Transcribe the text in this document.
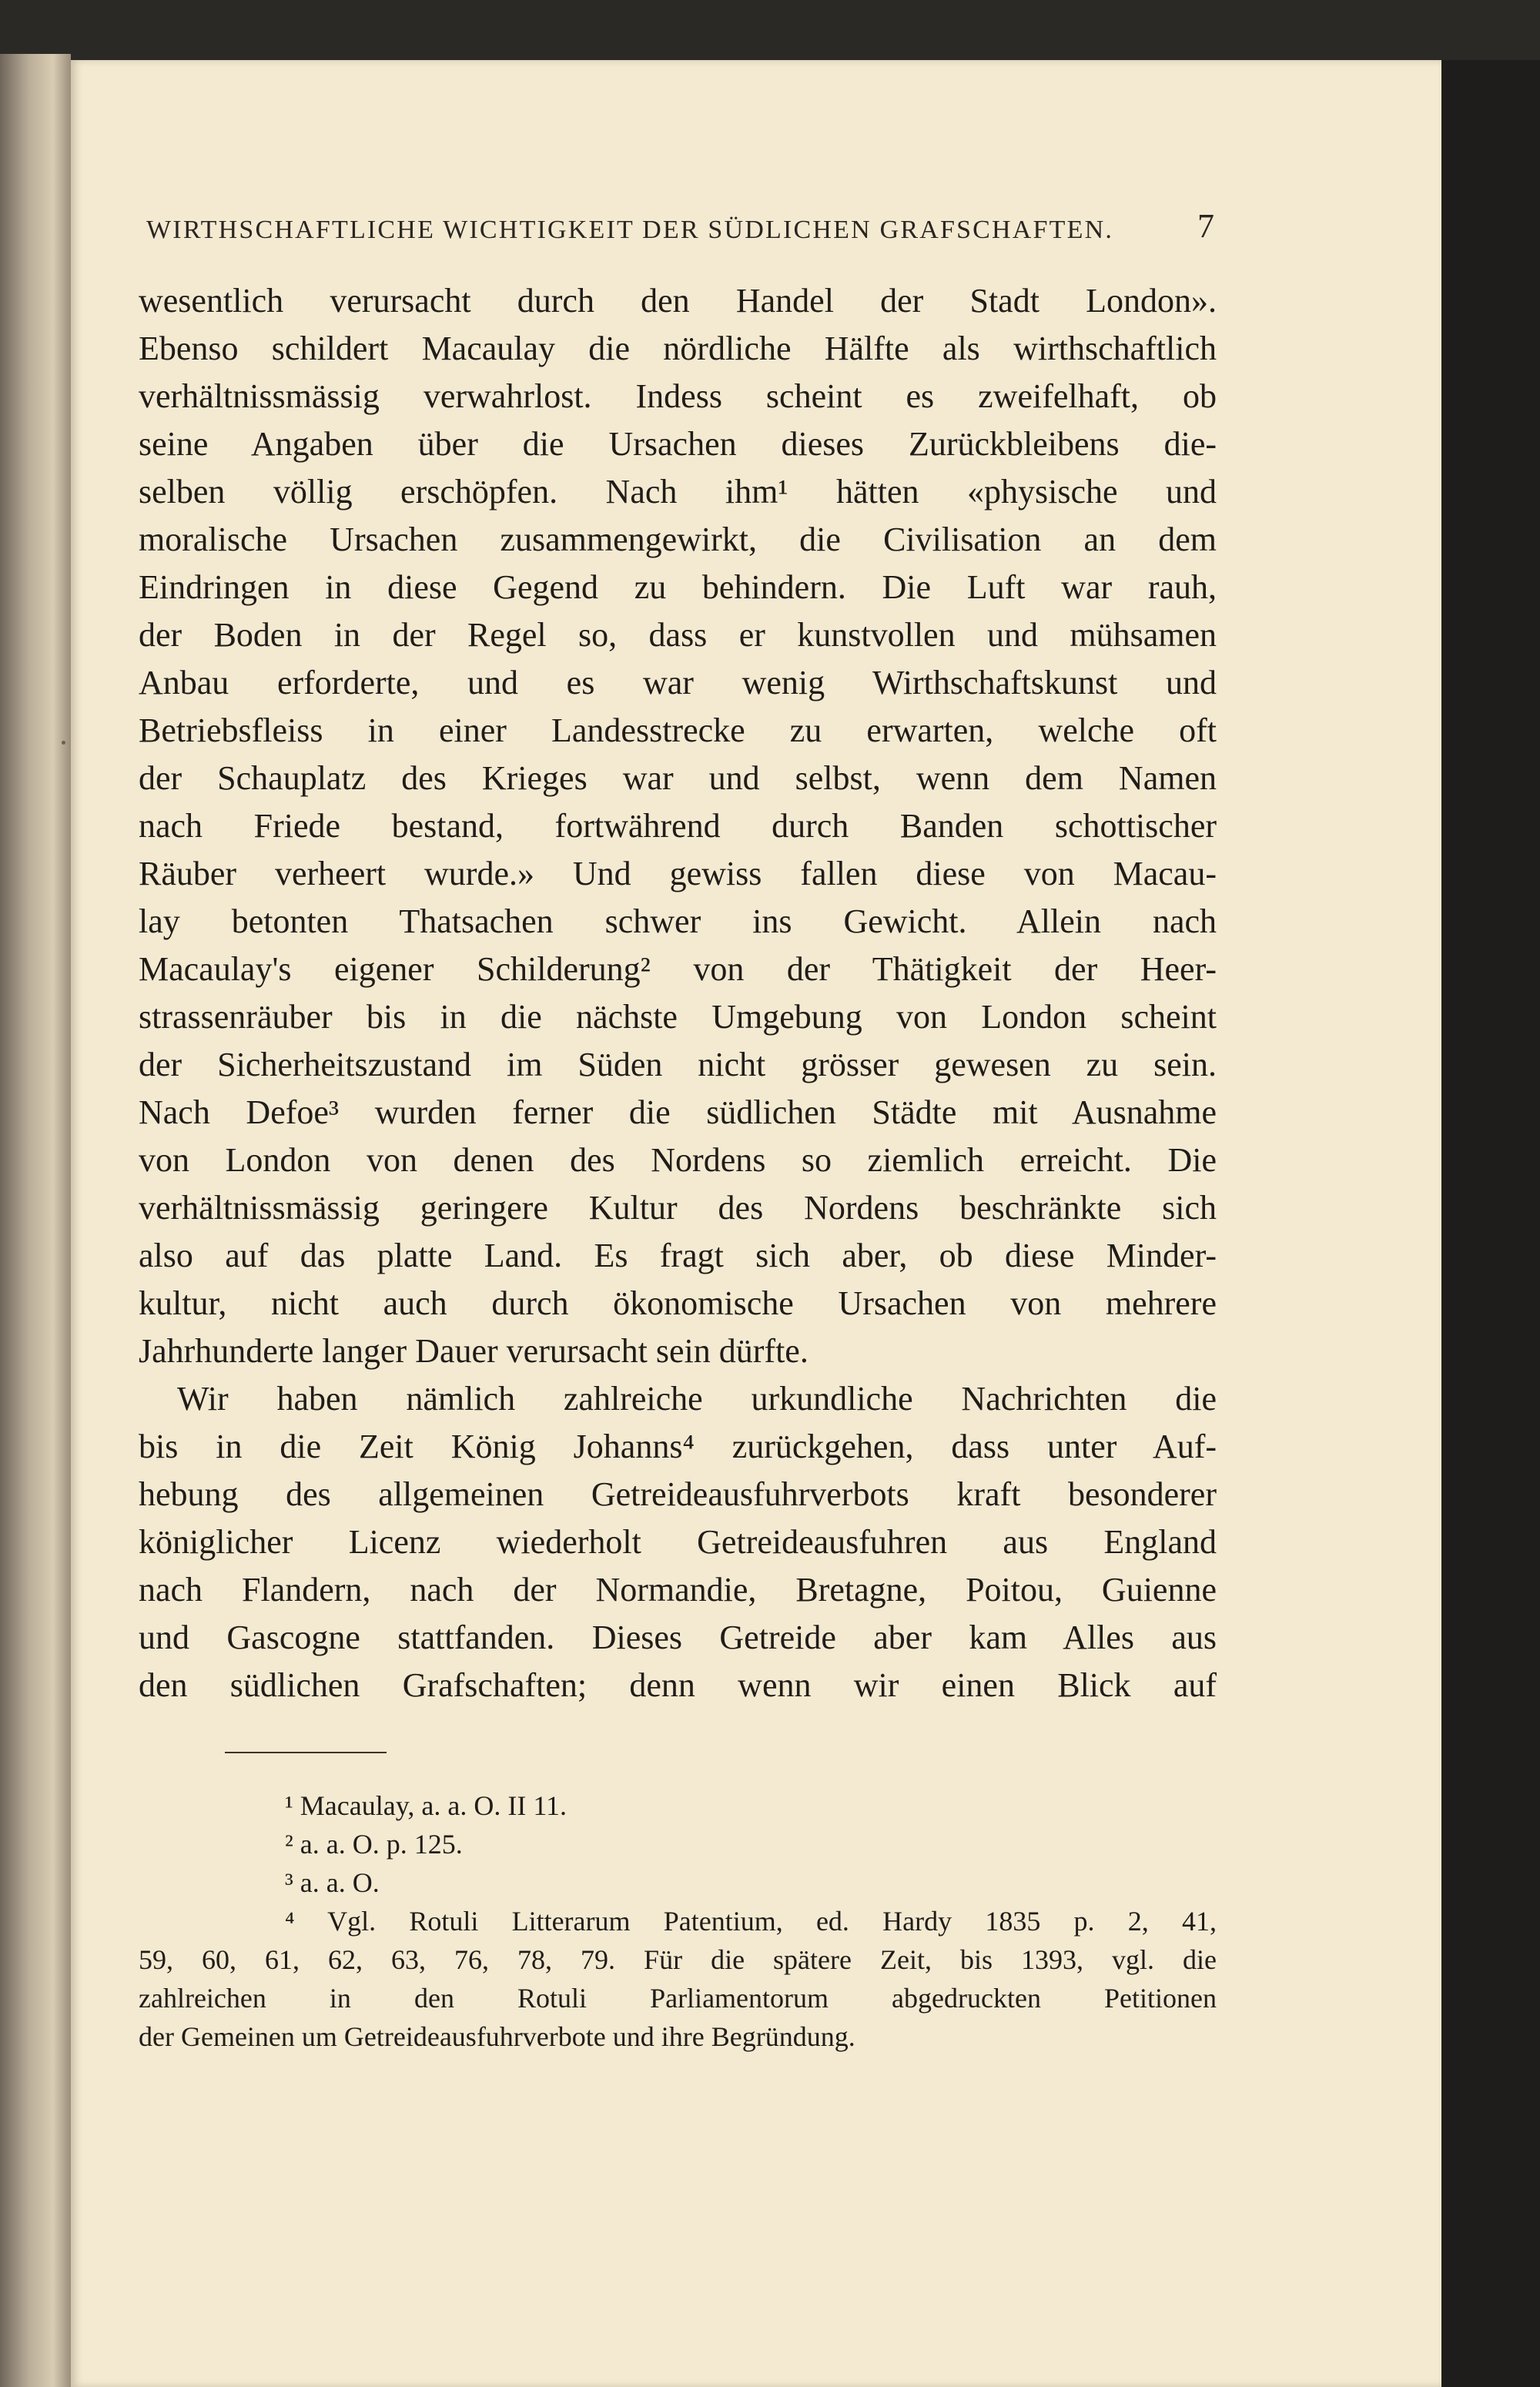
WIRTHSCHAFTLICHE WICHTIGKEIT DER SÜDLICHEN GRAFSCHAFTEN.	7
wesentlich verursacht durch den Handel der Stadt London».
Ebenso schildert Macaulay die nördliche Hälfte als wirthschaftlich
verhältnissmässig verwahrlost. Indess scheint es zweifelhaft, ob
seine Angaben über die Ursachen dieses Zurückbleibens die-
selben völlig erschöpfen. Nach ihm¹ hätten «physische und
moralische Ursachen zusammengewirkt, die Civilisation an dem
Eindringen in diese Gegend zu behindern. Die Luft war rauh,
der Boden in der Regel so, dass er kunstvollen und mühsamen
Anbau erforderte, und es war wenig Wirthschaftskunst und
Betriebsfleiss in einer Landesstrecke zu erwarten, welche oft
der Schauplatz des Krieges war und selbst, wenn dem Namen
nach Friede bestand, fortwährend durch Banden schottischer
Räuber verheert wurde.» Und gewiss fallen diese von Macau-
lay betonten Thatsachen schwer ins Gewicht. Allein nach
Macaulay's eigener Schilderung² von der Thätigkeit der Heer-
strassenräuber bis in die nächste Umgebung von London scheint
der Sicherheitszustand im Süden nicht grösser gewesen zu sein.
Nach Defoe³ wurden ferner die südlichen Städte mit Ausnahme
von London von denen des Nordens so ziemlich erreicht. Die
verhältnissmässig geringere Kultur des Nordens beschränkte sich
also auf das platte Land. Es fragt sich aber, ob diese Minder-
kultur, nicht auch durch ökonomische Ursachen von mehrere
Jahrhunderte langer Dauer verursacht sein dürfte.
Wir haben nämlich zahlreiche urkundliche Nachrichten die
bis in die Zeit König Johanns⁴ zurückgehen, dass unter Auf-
hebung des allgemeinen Getreideausfuhrverbots kraft besonderer
königlicher Licenz wiederholt Getreideausfuhren aus England
nach Flandern, nach der Normandie, Bretagne, Poitou, Guienne
und Gascogne stattfanden. Dieses Getreide aber kam Alles aus
den südlichen Grafschaften; denn wenn wir einen Blick auf
¹ Macaulay, a. a. O. II 11.
² a. a. O. p. 125.
³ a. a. O.
⁴ Vgl. Rotuli Litterarum Patentium, ed. Hardy 1835 p. 2, 41,
59, 60, 61, 62, 63, 76, 78, 79. Für die spätere Zeit, bis 1393, vgl. die
zahlreichen in den Rotuli Parliamentorum abgedruckten Petitionen
der Gemeinen um Getreideausfuhrverbote und ihre Begründung.
